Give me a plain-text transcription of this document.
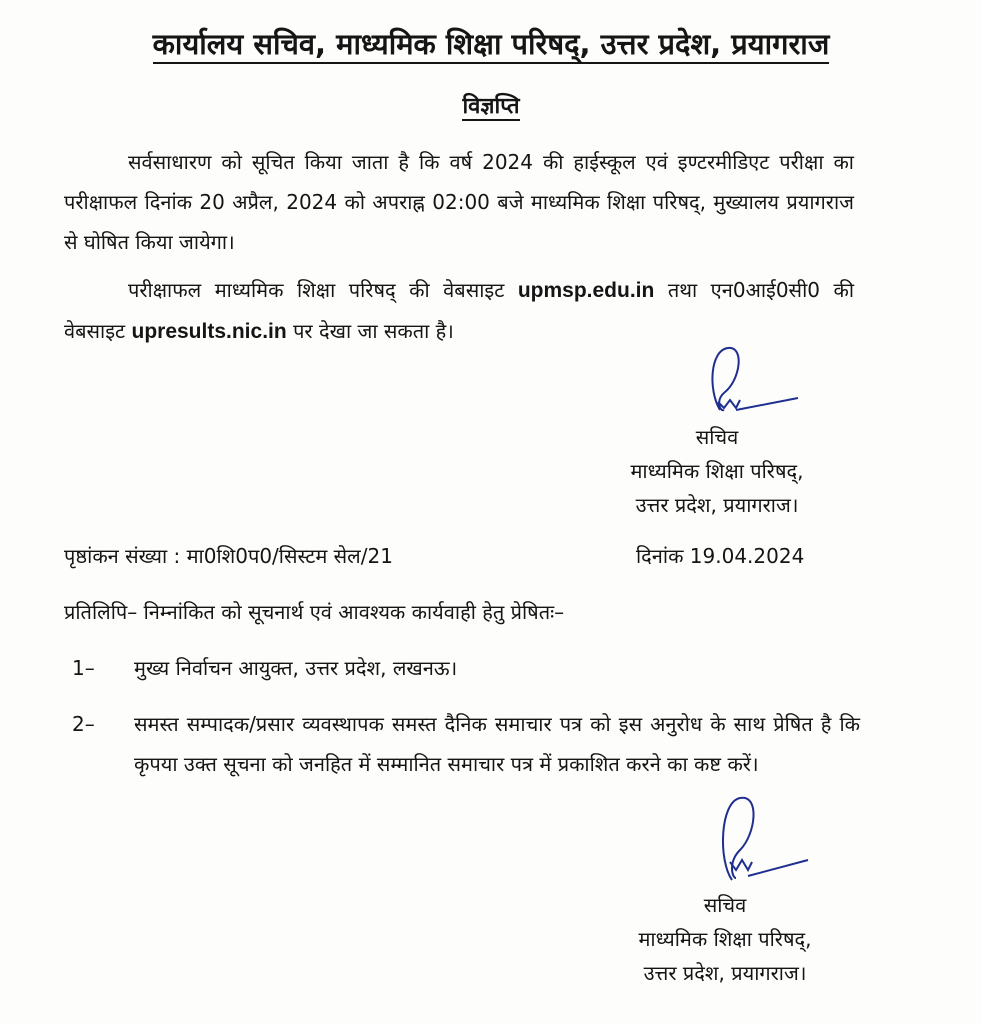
कार्यालय सचिव, माध्यमिक शिक्षा परिषद्, उत्तर प्रदेश, प्रयागराज
विज्ञप्ति
सर्वसाधारण को सूचित किया जाता है कि वर्ष 2024 की हाईस्कूल एवं इण्टरमीडिएट परीक्षा का परीक्षाफल दिनांक 20 अप्रैल, 2024 को अपराह्न 02:00 बजे माध्यमिक शिक्षा परिषद्, मुख्यालय प्रयागराज से घोषित किया जायेगा।
परीक्षाफल माध्यमिक शिक्षा परिषद् की वेबसाइट upmsp.edu.in तथा एन0आई0सी0 की वेबसाइट upresults.nic.in पर देखा जा सकता है।
सचिव
माध्यमिक शिक्षा परिषद्,
उत्तर प्रदेश, प्रयागराज।
पृष्ठांकन संख्या : मा0शि0प0/सिस्टम सेल/21	दिनांक 19.04.2024
प्रतिलिपि– निम्नांकित को सूचनार्थ एवं आवश्यक कार्यवाही हेतु प्रेषितः–
1–	मुख्य निर्वाचन आयुक्त, उत्तर प्रदेश, लखनऊ।
2–	समस्त सम्पादक/प्रसार व्यवस्थापक समस्त दैनिक समाचार पत्र को इस अनुरोध के साथ प्रेषित है कि कृपया उक्त सूचना को जनहित में सम्मानित समाचार पत्र में प्रकाशित करने का कष्ट करें।
सचिव
माध्यमिक शिक्षा परिषद्,
उत्तर प्रदेश, प्रयागराज।
